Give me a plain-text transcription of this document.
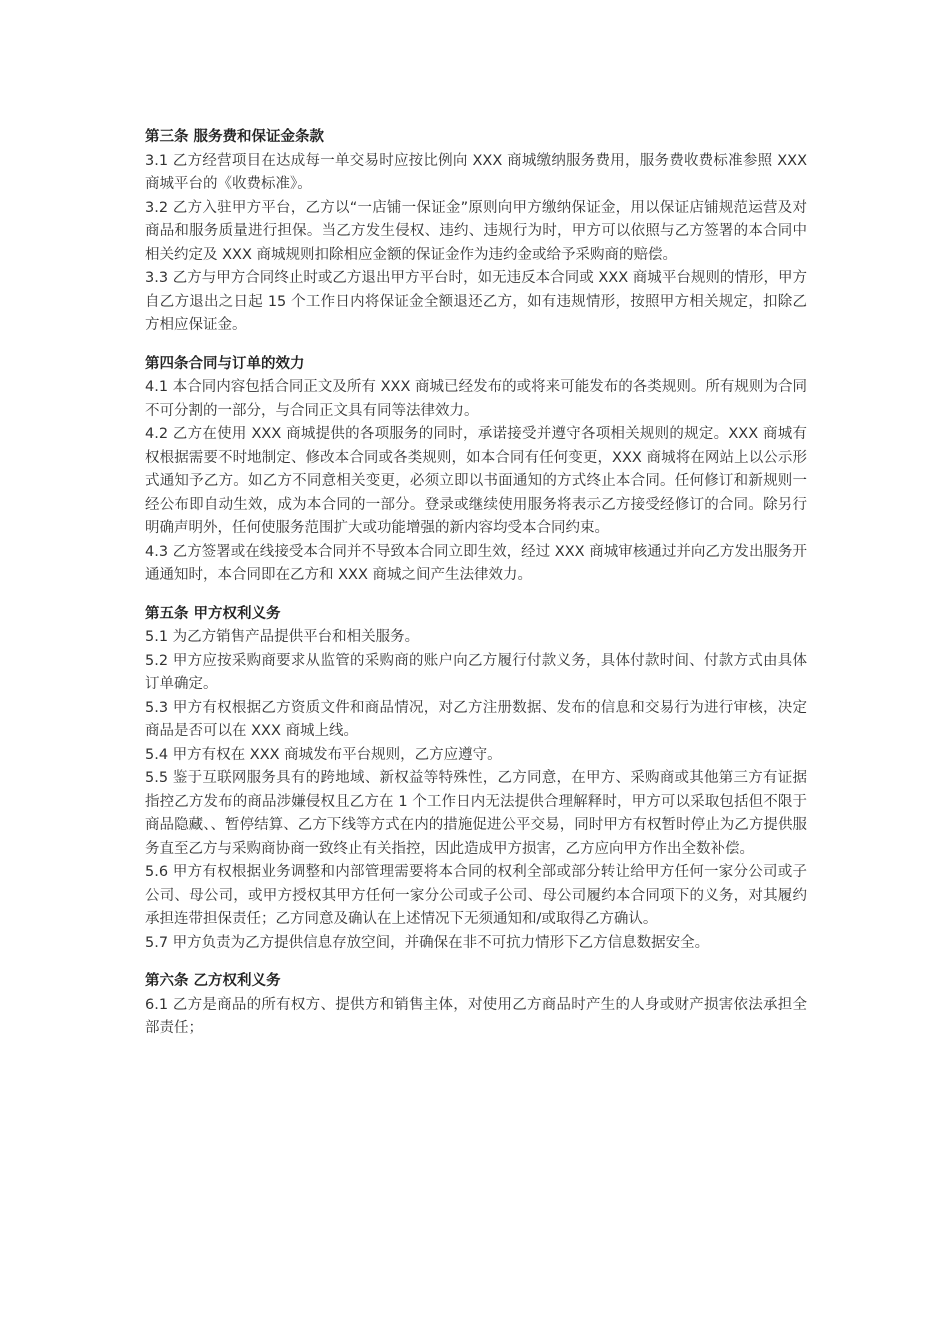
第三条 服务费和保证金条款

3.1 乙方经营项目在达成每一单交易时应按比例向 XXX 商城缴纳服务费用，服务费收费标准参照 XXX 商城平台的《收费标准》。

3.2 乙方入驻甲方平台，乙方以“一店铺一保证金”原则向甲方缴纳保证金，用以保证店铺规范运营及对商品和服务质量进行担保。当乙方发生侵权、违约、违规行为时，甲方可以依照与乙方签署的本合同中相关约定及 XXX 商城规则扣除相应金额的保证金作为违约金或给予采购商的赔偿。

3.3 乙方与甲方合同终止时或乙方退出甲方平台时，如无违反本合同或 XXX 商城平台规则的情形，甲方自乙方退出之日起 15 个工作日内将保证金全额退还乙方，如有违规情形，按照甲方相关规定，扣除乙方相应保证金。

第四条合同与订单的效力

4.1 本合同内容包括合同正文及所有 XXX 商城已经发布的或将来可能发布的各类规则。所有规则为合同不可分割的一部分，与合同正文具有同等法律效力。

4.2 乙方在使用 XXX 商城提供的各项服务的同时，承诺接受并遵守各项相关规则的规定。XXX 商城有权根据需要不时地制定、修改本合同或各类规则，如本合同有任何变更，XXX 商城将在网站上以公示形式通知予乙方。如乙方不同意相关变更，必须立即以书面通知的方式终止本合同。任何修订和新规则一经公布即自动生效，成为本合同的一部分。登录或继续使用服务将表示乙方接受经修订的合同。除另行明确声明外，任何使服务范围扩大或功能增强的新内容均受本合同约束。

4.3 乙方签署或在线接受本合同并不导致本合同立即生效，经过 XXX 商城审核通过并向乙方发出服务开通通知时，本合同即在乙方和 XXX 商城之间产生法律效力。

第五条 甲方权利义务

5.1 为乙方销售产品提供平台和相关服务。

5.2 甲方应按采购商要求从监管的采购商的账户向乙方履行付款义务，具体付款时间、付款方式由具体订单确定。

5.3 甲方有权根据乙方资质文件和商品情况，对乙方注册数据、发布的信息和交易行为进行审核，决定商品是否可以在 XXX 商城上线。

5.4 甲方有权在 XXX 商城发布平台规则，乙方应遵守。

5.5 鉴于互联网服务具有的跨地域、新权益等特殊性，乙方同意，在甲方、采购商或其他第三方有证据指控乙方发布的商品涉嫌侵权且乙方在 1 个工作日内无法提供合理解释时，甲方可以采取包括但不限于商品隐藏、、暂停结算、乙方下线等方式在内的措施促进公平交易，同时甲方有权暂时停止为乙方提供服务直至乙方与采购商协商一致终止有关指控，因此造成甲方损害，乙方应向甲方作出全数补偿。

5.6 甲方有权根据业务调整和内部管理需要将本合同的权利全部或部分转让给甲方任何一家分公司或子公司、母公司，或甲方授权其甲方任何一家分公司或子公司、母公司履约本合同项下的义务，对其履约承担连带担保责任；乙方同意及确认在上述情况下无须通知和/或取得乙方确认。

5.7 甲方负责为乙方提供信息存放空间，并确保在非不可抗力情形下乙方信息数据安全。

第六条 乙方权利义务

6.1 乙方是商品的所有权方、提供方和销售主体，对使用乙方商品时产生的人身或财产损害依法承担全部责任；
